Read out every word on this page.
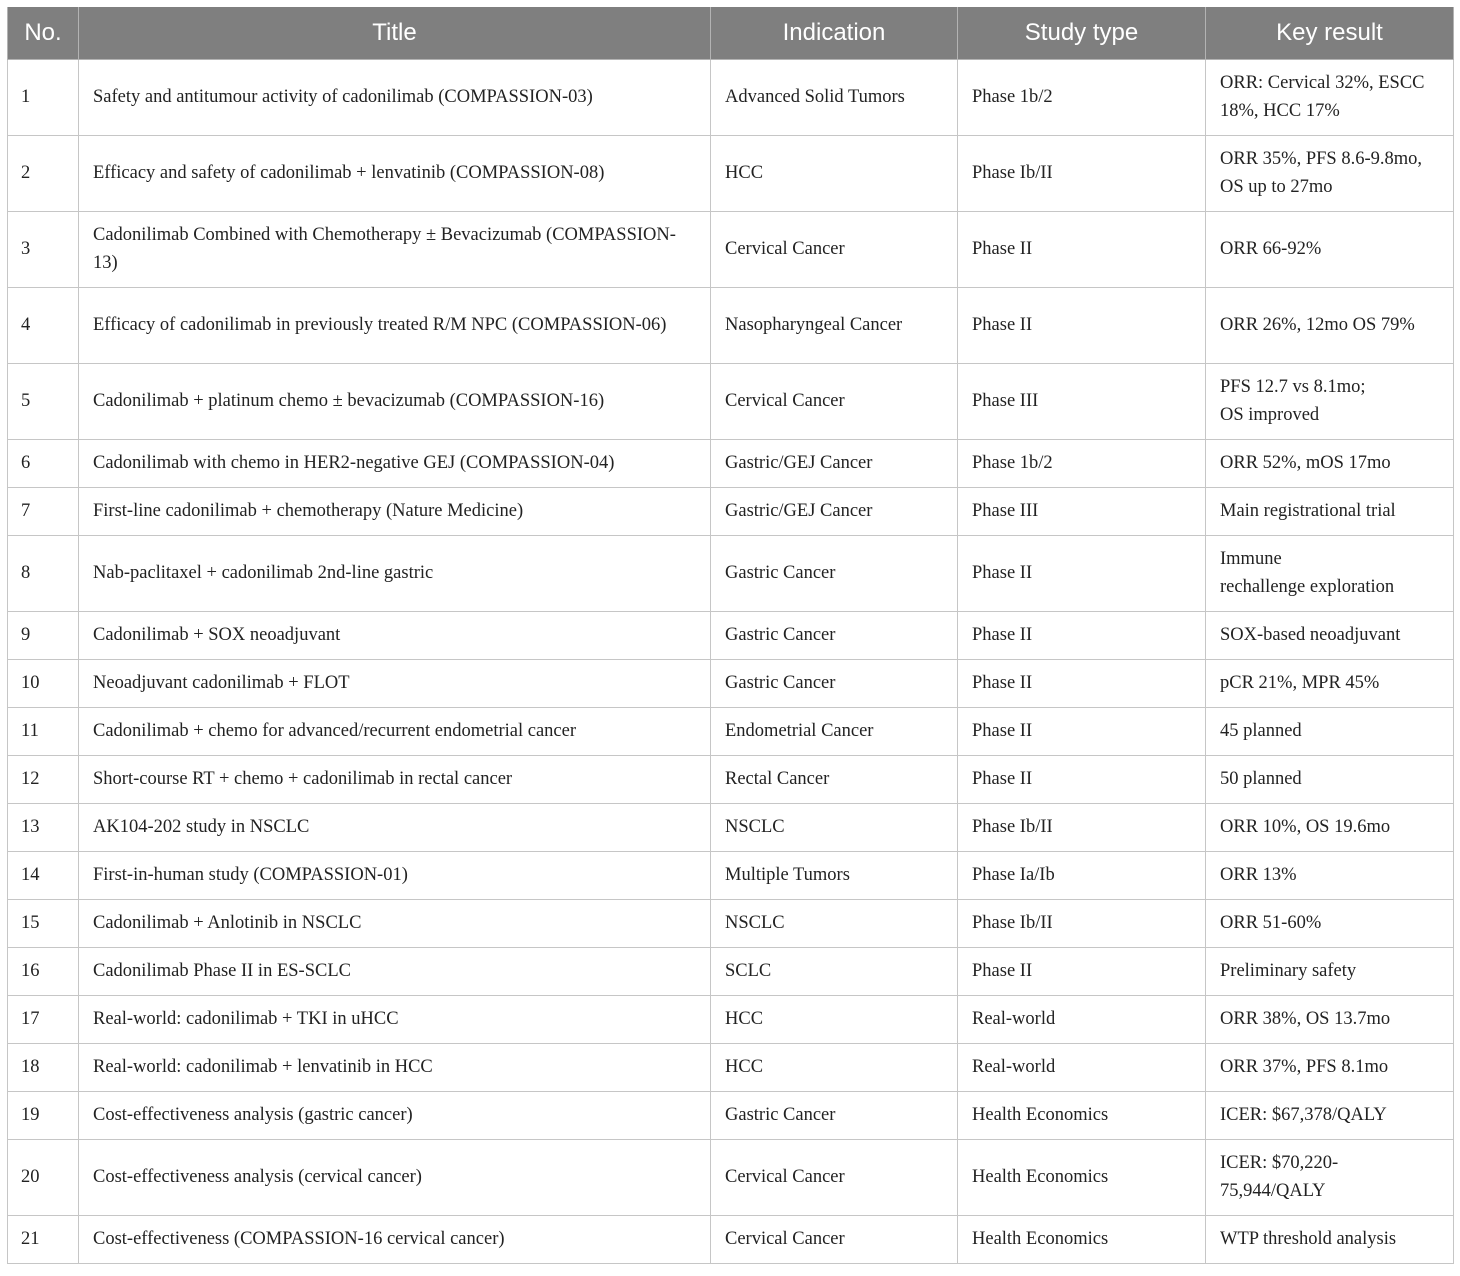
No.	Title	Indication	Study type	Key result
1	Safety and antitumour activity of cadonilimab (COMPASSION-03)	Advanced Solid Tumors	Phase 1b/2	ORR: Cervical 32%, ESCC 18%, HCC 17%
2	Efficacy and safety of cadonilimab + lenvatinib (COMPASSION-08)	HCC	Phase Ib/II	ORR 35%, PFS 8.6-9.8mo, OS up to 27mo
3	Cadonilimab Combined with Chemotherapy ± Bevacizumab (COMPASSION-13)	Cervical Cancer	Phase II	ORR 66-92%
4	Efficacy of cadonilimab in previously treated R/M NPC (COMPASSION-06)	Nasopharyngeal Cancer	Phase II	ORR 26%, 12mo OS 79%
5	Cadonilimab + platinum chemo ± bevacizumab (COMPASSION-16)	Cervical Cancer	Phase III	PFS 12.7 vs 8.1mo;
OS improved
6	Cadonilimab with chemo in HER2-negative GEJ (COMPASSION-04)	Gastric/GEJ Cancer	Phase 1b/2	ORR 52%, mOS 17mo
7	First-line cadonilimab + chemotherapy (Nature Medicine)	Gastric/GEJ Cancer	Phase III	Main registrational trial
8	Nab-paclitaxel + cadonilimab 2nd-line gastric	Gastric Cancer	Phase II	Immune
rechallenge exploration
9	Cadonilimab + SOX neoadjuvant	Gastric Cancer	Phase II	SOX-based neoadjuvant
10	Neoadjuvant cadonilimab + FLOT	Gastric Cancer	Phase II	pCR 21%, MPR 45%
11	Cadonilimab + chemo for advanced/recurrent endometrial cancer	Endometrial Cancer	Phase II	45 planned
12	Short-course RT + chemo + cadonilimab in rectal cancer	Rectal Cancer	Phase II	50 planned
13	AK104-202 study in NSCLC	NSCLC	Phase Ib/II	ORR 10%, OS 19.6mo
14	First-in-human study (COMPASSION-01)	Multiple Tumors	Phase Ia/Ib	ORR 13%
15	Cadonilimab + Anlotinib in NSCLC	NSCLC	Phase Ib/II	ORR 51-60%
16	Cadonilimab Phase II in ES-SCLC	SCLC	Phase II	Preliminary safety
17	Real-world: cadonilimab + TKI in uHCC	HCC	Real-world	ORR 38%, OS 13.7mo
18	Real-world: cadonilimab + lenvatinib in HCC	HCC	Real-world	ORR 37%, PFS 8.1mo
19	Cost-effectiveness analysis (gastric cancer)	Gastric Cancer	Health Economics	ICER: $67,378/QALY
20	Cost-effectiveness analysis (cervical cancer)	Cervical Cancer	Health Economics	ICER: $70,220-75,944/QALY
21	Cost-effectiveness (COMPASSION-16 cervical cancer)	Cervical Cancer	Health Economics	WTP threshold analysis
